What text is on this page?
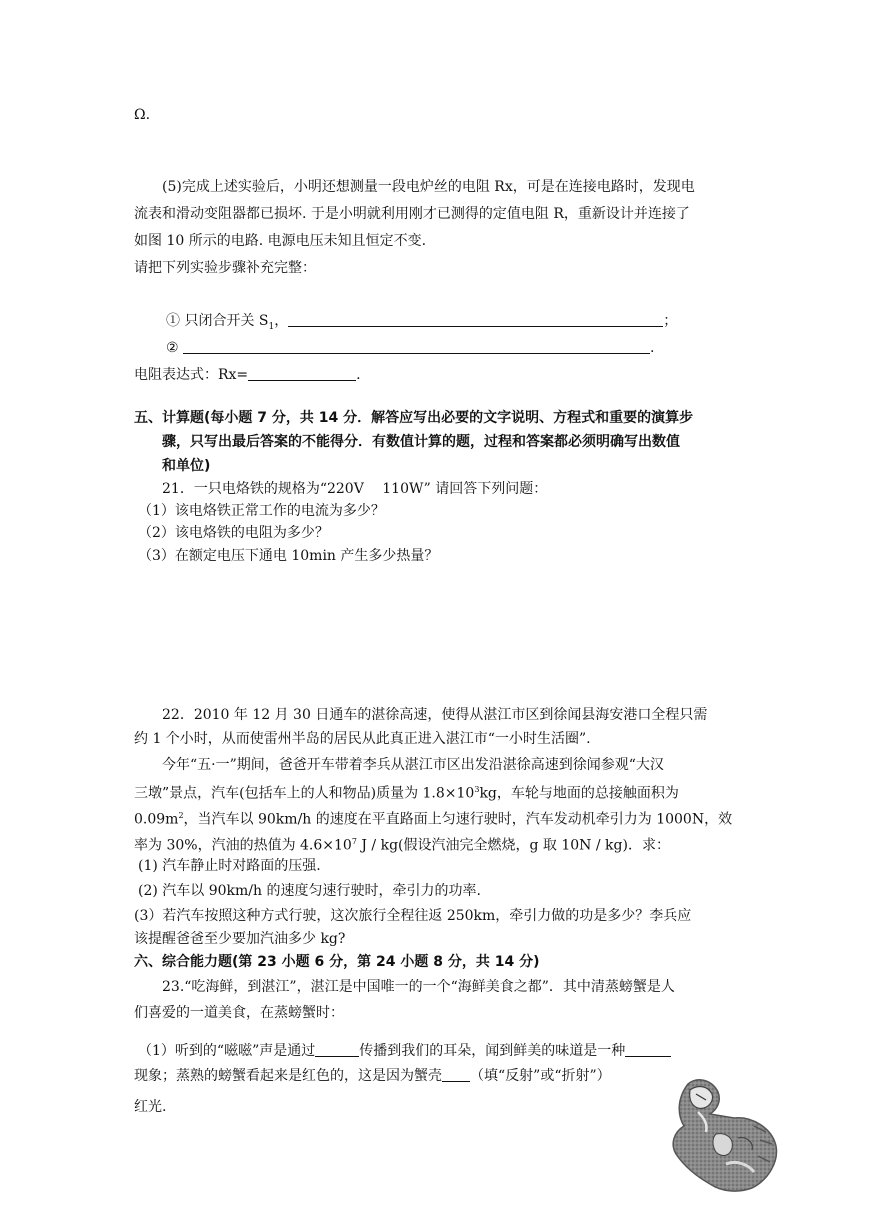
Ω.
(5)完成上述实验后，小明还想测量一段电炉丝的电阻 Rx，可是在连接电路时，发现电
流表和滑动变阻器都已损坏. 于是小明就利用刚才已测得的定值电阻 R，重新设计并连接了
如图 10 所示的电路. 电源电压未知且恒定不变.
请把下列实验步骤补充完整：
① 只闭合开关 $S_1$，	；
②	.
电阻表达式：Rx=	.
五、计算题(每小题 7 分，共 14 分．解答应写出必要的文字说明、方程式和重要的演算步
骤，只写出最后答案的不能得分．有数值计算的题，过程和答案都必须明确写出数值
和单位)
21．一只电烙铁的规格为“220V　 110W” 请回答下列问题：
（1）该电烙铁正常工作的电流为多少？
（2）该电烙铁的电阻为多少？
（3）在额定电压下通电 10min 产生多少热量？
22．2010 年 12 月 30 日通车的湛徐高速，使得从湛江市区到徐闻县海安港口全程只需
约 1 个小时，从而使雷州半岛的居民从此真正进入湛江市“一小时生活圈”.
今年“五·一”期间，爸爸开车带着李兵从湛江市区出发沿湛徐高速到徐闻参观“大汉
三墩”景点，汽车(包括车上的人和物品)质量为 $1.8\times 10^3kg$，车轮与地面的总接触面积为
$0.09m^2$，当汽车以 90km/h 的速度在平直路面上匀速行驶时，汽车发动机牵引力为 1000N，效
率为 30%，汽油的热值为 $4.6\times 10^7$ J / kg(假设汽油完全燃烧，g 取 10N / kg)．求：
(1) 汽车静止时对路面的压强.
(2) 汽车以 90km/h 的速度匀速行驶时，牵引力的功率.
(3）若汽车按照这种方式行驶，这次旅行全程往返 250km，牵引力做的功是多少？李兵应
该提醒爸爸至少要加汽油多少 kg?
六、综合能力题(第 23 小题 6 分，第 24 小题 8 分，共 14 分)
23.“吃海鲜，到湛江”，湛江是中国唯一的一个“海鲜美食之都”．其中清蒸螃蟹是人
们喜爱的一道美食，在蒸螃蟹时：
（1）听到的“嗞嗞”声是通过	传播到我们的耳朵，闻到鲜美的味道是一种
现象；蒸熟的螃蟹看起来是红色的，这是因为蟹壳 （填“反射”或“折射”）
红光.
